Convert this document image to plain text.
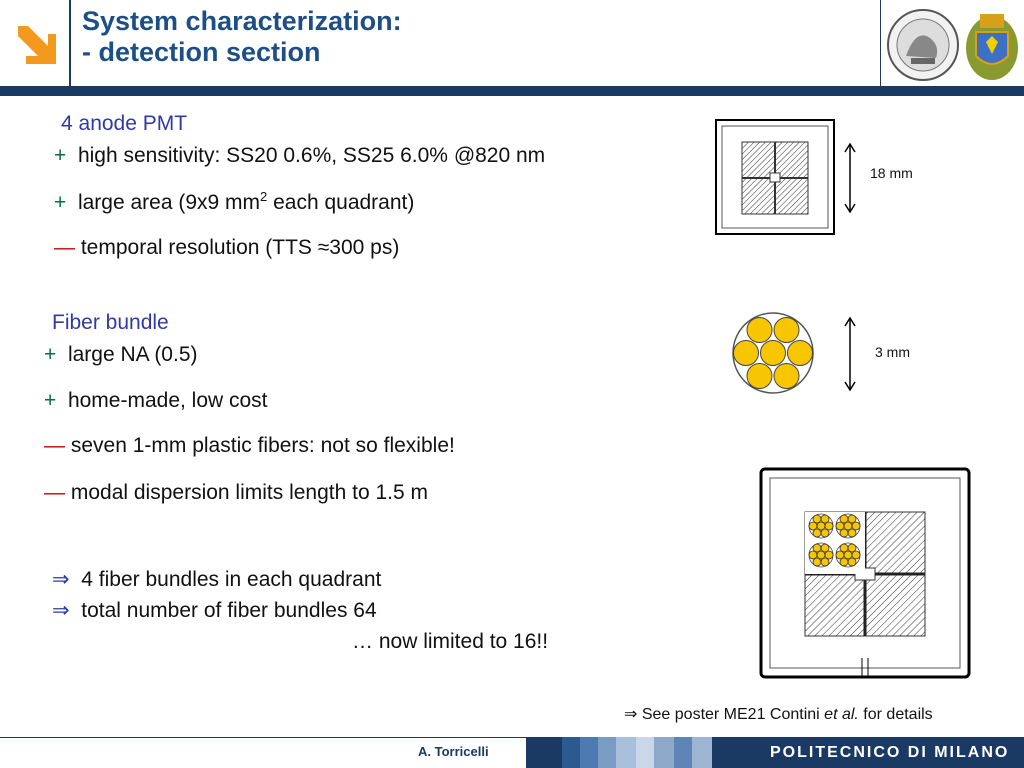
System characterization:
- detection section
4 anode PMT
+ high sensitivity: SS20 0.6%, SS25 6.0% @820 nm
+ large area (9x9 $mm^2$ each quadrant)
— temporal resolution (TTS ≈300 ps)
18 mm
Fiber bundle
+ large NA (0.5)
+ home-made, low cost
— seven 1-mm plastic fibers: not so flexible!
— modal dispersion limits length to 1.5 m
3 mm
⇒ 4 fiber bundles in each quadrant
⇒ total number of fiber bundles 64
… now limited to 16!!
⇒ See poster ME21 Contini et al. for details
A. Torricelli	POLITECNICO DI MILANO
